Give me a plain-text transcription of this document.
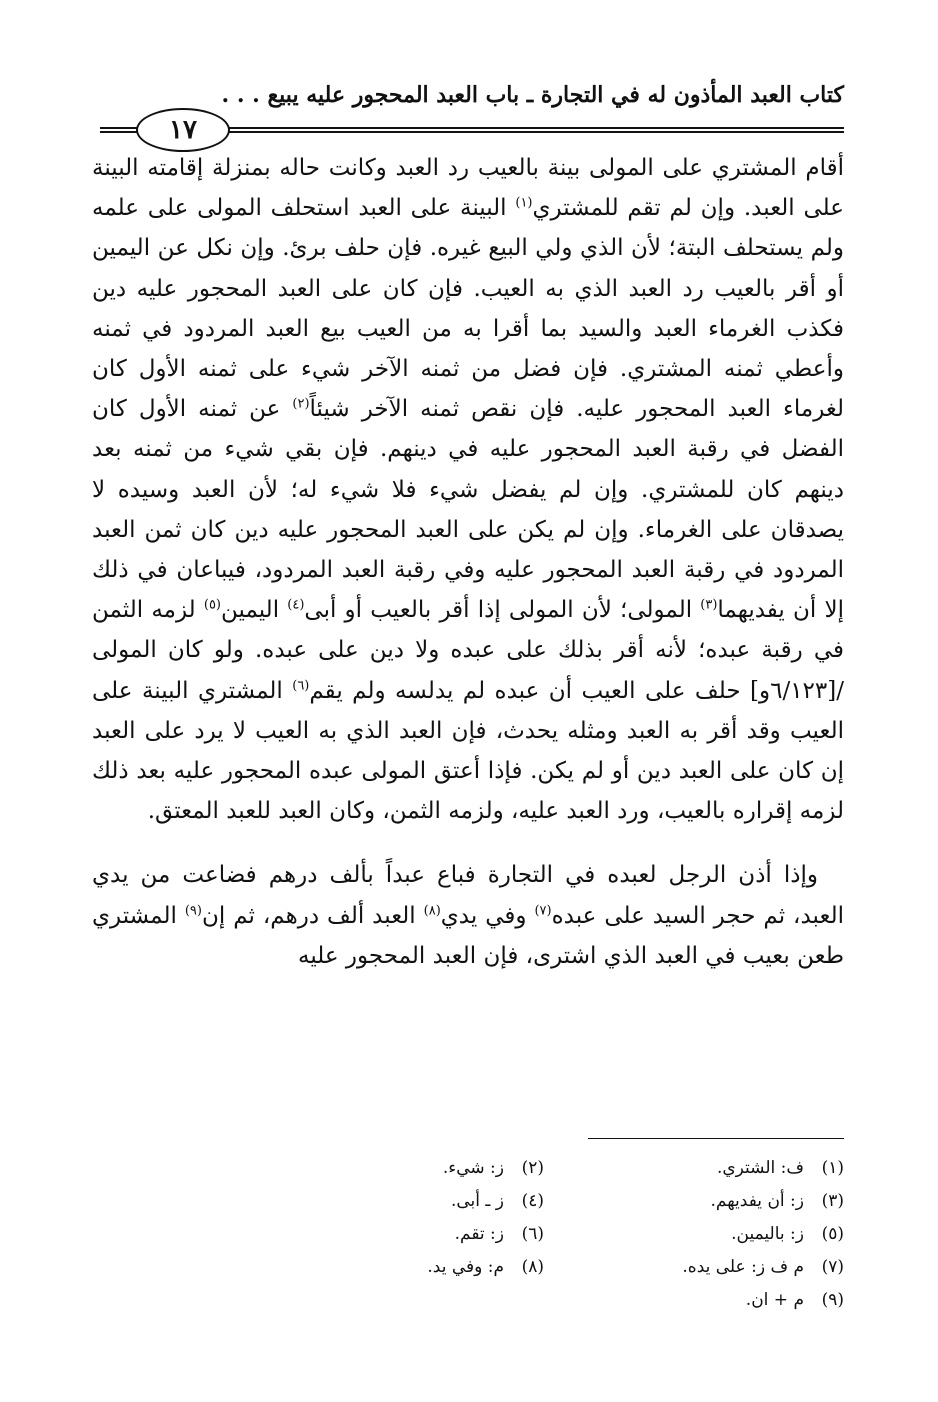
كتاب العبد المأذون له في التجارة ـ باب العبد المحجور عليه يبيع . . .
١٧

أقام المشتري على المولى بينة بالعيب رد العبد وكانت حاله بمنزلة إقامته البينة على العبد. وإن لم تقم للمشتري$^{(١)}$ البينة على العبد استحلف المولى على علمه ولم يستحلف البتة؛ لأن الذي ولي البيع غيره. فإن حلف برئ. وإن نكل عن اليمين أو أقر بالعيب رد العبد الذي به العيب. فإن كان على العبد المحجور عليه دين فكذب الغرماء العبد والسيد بما أقرا به من العيب بيع العبد المردود في ثمنه وأعطي ثمنه المشتري. فإن فضل من ثمنه الآخر شيء على ثمنه الأول كان لغرماء العبد المحجور عليه. فإن نقص ثمنه الآخر شيئاً$^{(٢)}$ عن ثمنه الأول كان الفضل في رقبة العبد المحجور عليه في دينهم. فإن بقي شيء من ثمنه بعد دينهم كان للمشتري. وإن لم يفضل شيء فلا شيء له؛ لأن العبد وسيده لا يصدقان على الغرماء. وإن لم يكن على العبد المحجور عليه دين كان ثمن العبد المردود في رقبة العبد المحجور عليه وفي رقبة العبد المردود، فيباعان في ذلك إلا أن يفديهما$^{(٣)}$ المولى؛ لأن المولى إذا أقر بالعيب أو أبى$^{(٤)}$ اليمين$^{(٥)}$ لزمه الثمن في رقبة عبده؛ لأنه أقر بذلك على عبده ولا دين على عبده. ولو كان المولى /[٦/١٢٣و] حلف على العيب أن عبده لم يدلسه ولم يقم$^{(٦)}$ المشتري البينة على العيب وقد أقر به العبد ومثله يحدث، فإن العبد الذي به العيب لا يرد على العبد إن كان على العبد دين أو لم يكن. فإذا أعتق المولى عبده المحجور عليه بعد ذلك لزمه إقراره بالعيب، ورد العبد عليه، ولزمه الثمن، وكان العبد للعبد المعتق.

وإذا أذن الرجل لعبده في التجارة فباع عبداً بألف درهم فضاعت من يدي العبد، ثم حجر السيد على عبده$^{(٧)}$ وفي يدي$^{(٨)}$ العبد ألف درهم، ثم إن$^{(٩)}$ المشتري طعن بعيب في العبد الذي اشترى، فإن العبد المحجور عليه

(١)ف: الشتري.
(٢)ز: شيء.
(٣)ز: أن يفديهم.
(٤)ز ـ أبى.
(٥)ز: باليمين.
(٦)ز: تقم.
(٧)م ف ز: على يده.
(٨)م: وفي يد.
(٩)م + ان.
